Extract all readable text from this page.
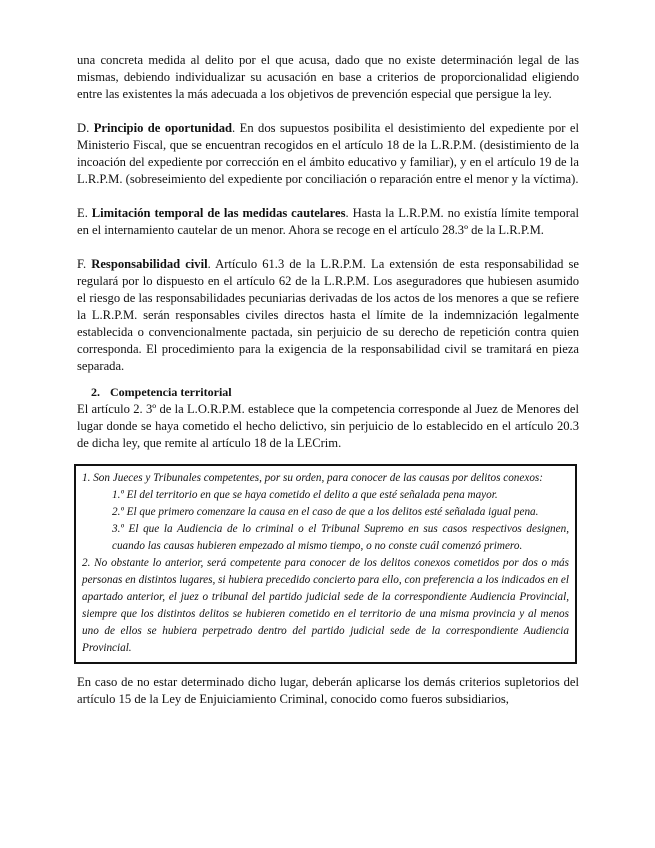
una concreta medida al delito por el que acusa, dado que no existe determinación legal de las mismas, debiendo individualizar su acusación en base a criterios de proporcionalidad eligiendo entre las existentes la más adecuada a los objetivos de prevención especial que persigue la ley.

D. Principio de oportunidad. En dos supuestos posibilita el desistimiento del expediente por el Ministerio Fiscal, que se encuentran recogidos en el artículo 18 de la L.R.P.M. (desistimiento de la incoación del expediente por corrección en el ámbito educativo y familiar), y en el artículo 19 de la L.R.P.M. (sobreseimiento del expediente por conciliación o reparación entre el menor y la víctima).

E. Limitación temporal de las medidas cautelares. Hasta la L.R.P.M. no existía límite temporal en el internamiento cautelar de un menor. Ahora se recoge en el artículo 28.3º de la L.R.P.M.

F. Responsabilidad civil. Artículo 61.3 de la L.R.P.M. La extensión de esta responsabilidad se regulará por lo dispuesto en el artículo 62 de la L.R.P.M. Los aseguradores que hubiesen asumido el riesgo de las responsabilidades pecuniarias derivadas de los actos de los menores a que se refiere la L.R.P.M. serán responsables civiles directos hasta el límite de la indemnización legalmente establecida o convencionalmente pactada, sin perjuicio de su derecho de repetición contra quien corresponda. El procedimiento para la exigencia de la responsabilidad civil se tramitará en pieza separada.

2. Competencia territorial

El artículo 2. 3º de la L.O.R.P.M. establece que la competencia corresponde al Juez de Menores del lugar donde se haya cometido el hecho delictivo, sin perjuicio de lo establecido en el artículo 20.3 de dicha ley, que remite al artículo 18 de la LECrim.

1. Son Jueces y Tribunales competentes, por su orden, para conocer de las causas por delitos conexos:

1.º El del territorio en que se haya cometido el delito a que esté señalada pena mayor.

2.º El que primero comenzare la causa en el caso de que a los delitos esté señalada igual pena.

3.º El que la Audiencia de lo criminal o el Tribunal Supremo en sus casos respectivos designen, cuando las causas hubieren empezado al mismo tiempo, o no conste cuál comenzó primero.

2. No obstante lo anterior, será competente para conocer de los delitos conexos cometidos por dos o más personas en distintos lugares, si hubiera precedido concierto para ello, con preferencia a los indicados en el apartado anterior, el juez o tribunal del partido judicial sede de la correspondiente Audiencia Provincial, siempre que los distintos delitos se hubieren cometido en el territorio de una misma provincia y al menos uno de ellos se hubiera perpetrado dentro del partido judicial sede de la correspondiente Audiencia Provincial.

En caso de no estar determinado dicho lugar, deberán aplicarse los demás criterios supletorios del artículo 15 de la Ley de Enjuiciamiento Criminal, conocido como fueros subsidiarios,
